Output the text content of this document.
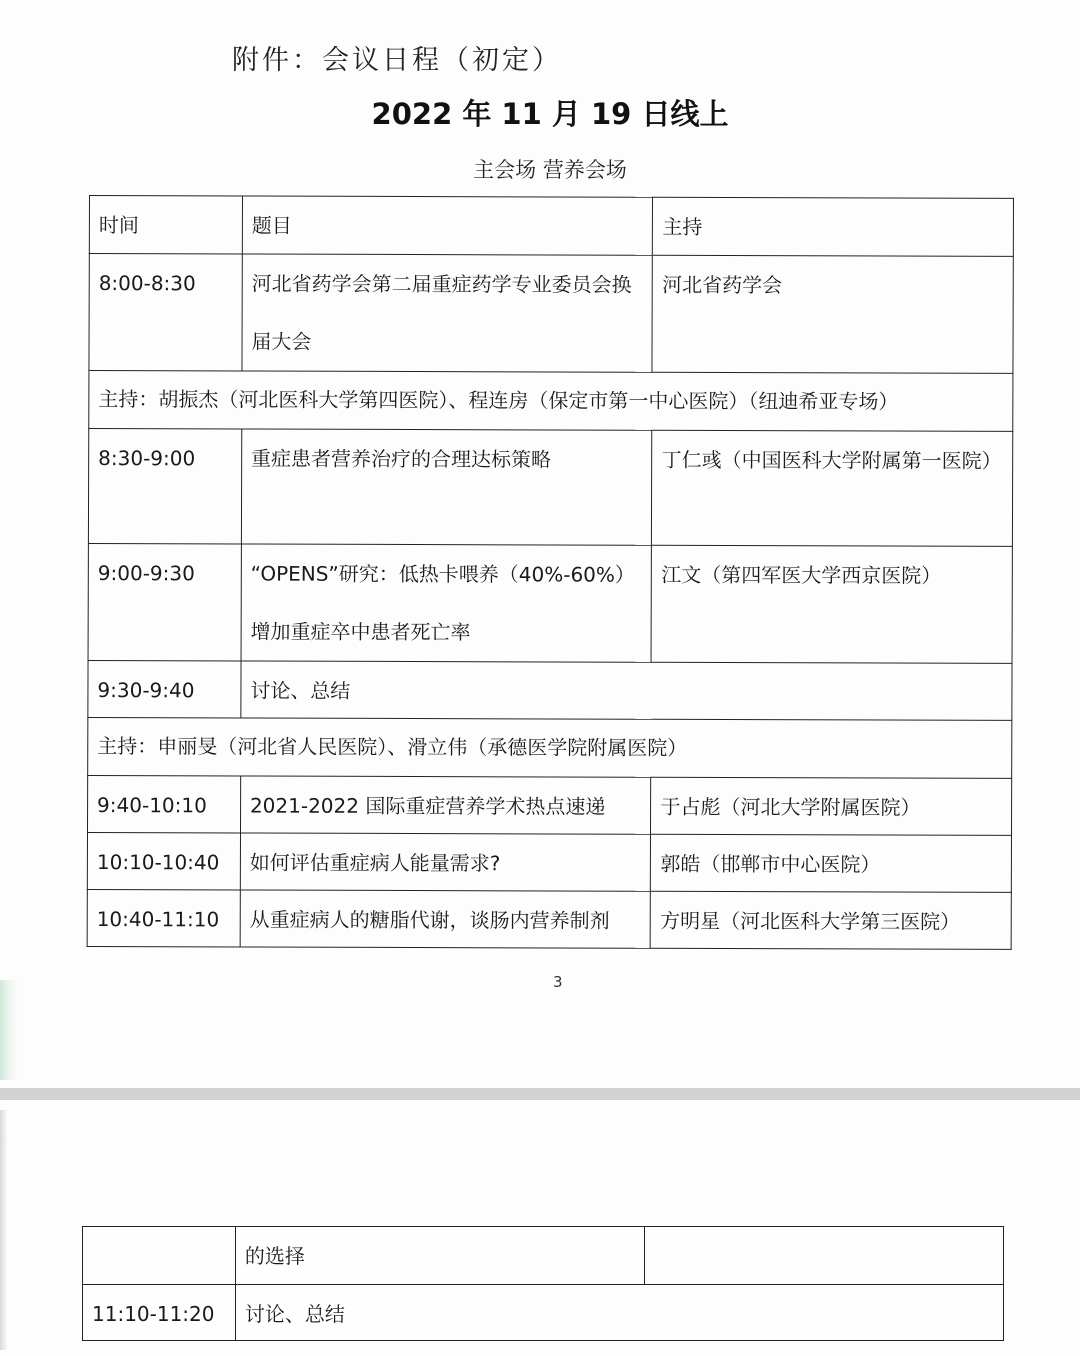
附件：会议日程（初定）
2022 年 11 月 19 日线上
主会场 营养会场
时间	题目	主持
8:00-8:30	河北省药学会第二届重症药学专业委员会换届大会	河北省药学会
主持：胡振杰（河北医科大学第四医院）、程连房（保定市第一中心医院）（纽迪希亚专场）		
8:30-9:00	重症患者营养治疗的合理达标策略	丁仁彧（中国医科大学附属第一医院）
9:00-9:30	“OPENS”研究：低热卡喂养（40%-60%）增加重症卒中患者死亡率	江文（第四军医大学西京医院）
9:30-9:40	讨论、总结	
主持：申丽旻（河北省人民医院）、滑立伟（承德医学院附属医院）		
9:40-10:10	2021-2022 国际重症营养学术热点速递	于占彪（河北大学附属医院）
10:10-10:40	如何评估重症病人能量需求?	郭皓（邯郸市中心医院）
10:40-11:10	从重症病人的糖脂代谢，谈肠内营养制剂	方明星（河北医科大学第三医院）
3
	的选择	
11:10-11:20	讨论、总结	
